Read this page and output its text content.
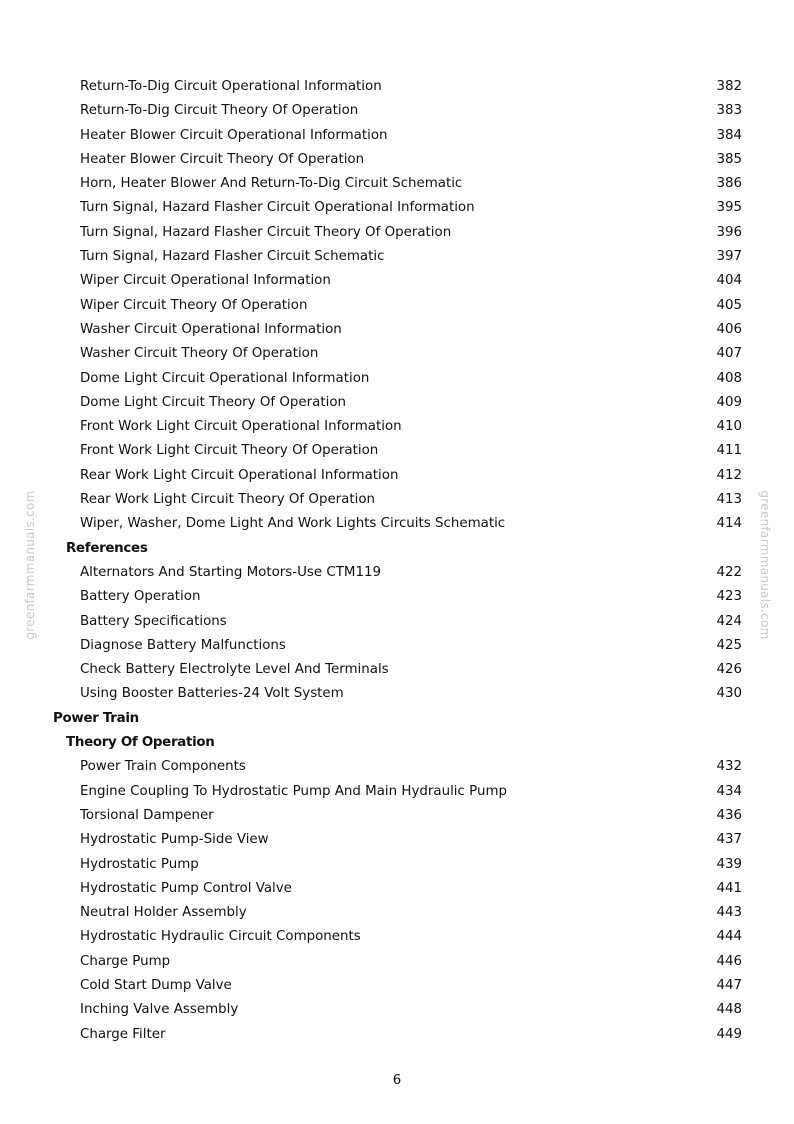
greenfarmmanuals.com	greenfarmmanuals.com
Return-To-Dig Circuit Operational Information	382
Return-To-Dig Circuit Theory Of Operation	383
Heater Blower Circuit Operational Information	384
Heater Blower Circuit Theory Of Operation	385
Horn, Heater Blower And Return-To-Dig Circuit Schematic	386
Turn Signal, Hazard Flasher Circuit Operational Information	395
Turn Signal, Hazard Flasher Circuit Theory Of Operation	396
Turn Signal, Hazard Flasher Circuit Schematic	397
Wiper Circuit Operational Information	404
Wiper Circuit Theory Of Operation	405
Washer Circuit Operational Information	406
Washer Circuit Theory Of Operation	407
Dome Light Circuit Operational Information	408
Dome Light Circuit Theory Of Operation	409
Front Work Light Circuit Operational Information	410
Front Work Light Circuit Theory Of Operation	411
Rear Work Light Circuit Operational Information	412
Rear Work Light Circuit Theory Of Operation	413
Wiper, Washer, Dome Light And Work Lights Circuits Schematic	414
References
Alternators And Starting Motors-Use CTM119	422
Battery Operation	423
Battery Specifications	424
Diagnose Battery Malfunctions	425
Check Battery Electrolyte Level And Terminals	426
Using Booster Batteries-24 Volt System	430
Power Train
Theory Of Operation
Power Train Components	432
Engine Coupling To Hydrostatic Pump And Main Hydraulic Pump	434
Torsional Dampener	436
Hydrostatic Pump-Side View	437
Hydrostatic Pump	439
Hydrostatic Pump Control Valve	441
Neutral Holder Assembly	443
Hydrostatic Hydraulic Circuit Components	444
Charge Pump	446
Cold Start Dump Valve	447
Inching Valve Assembly	448
Charge Filter	449
6
